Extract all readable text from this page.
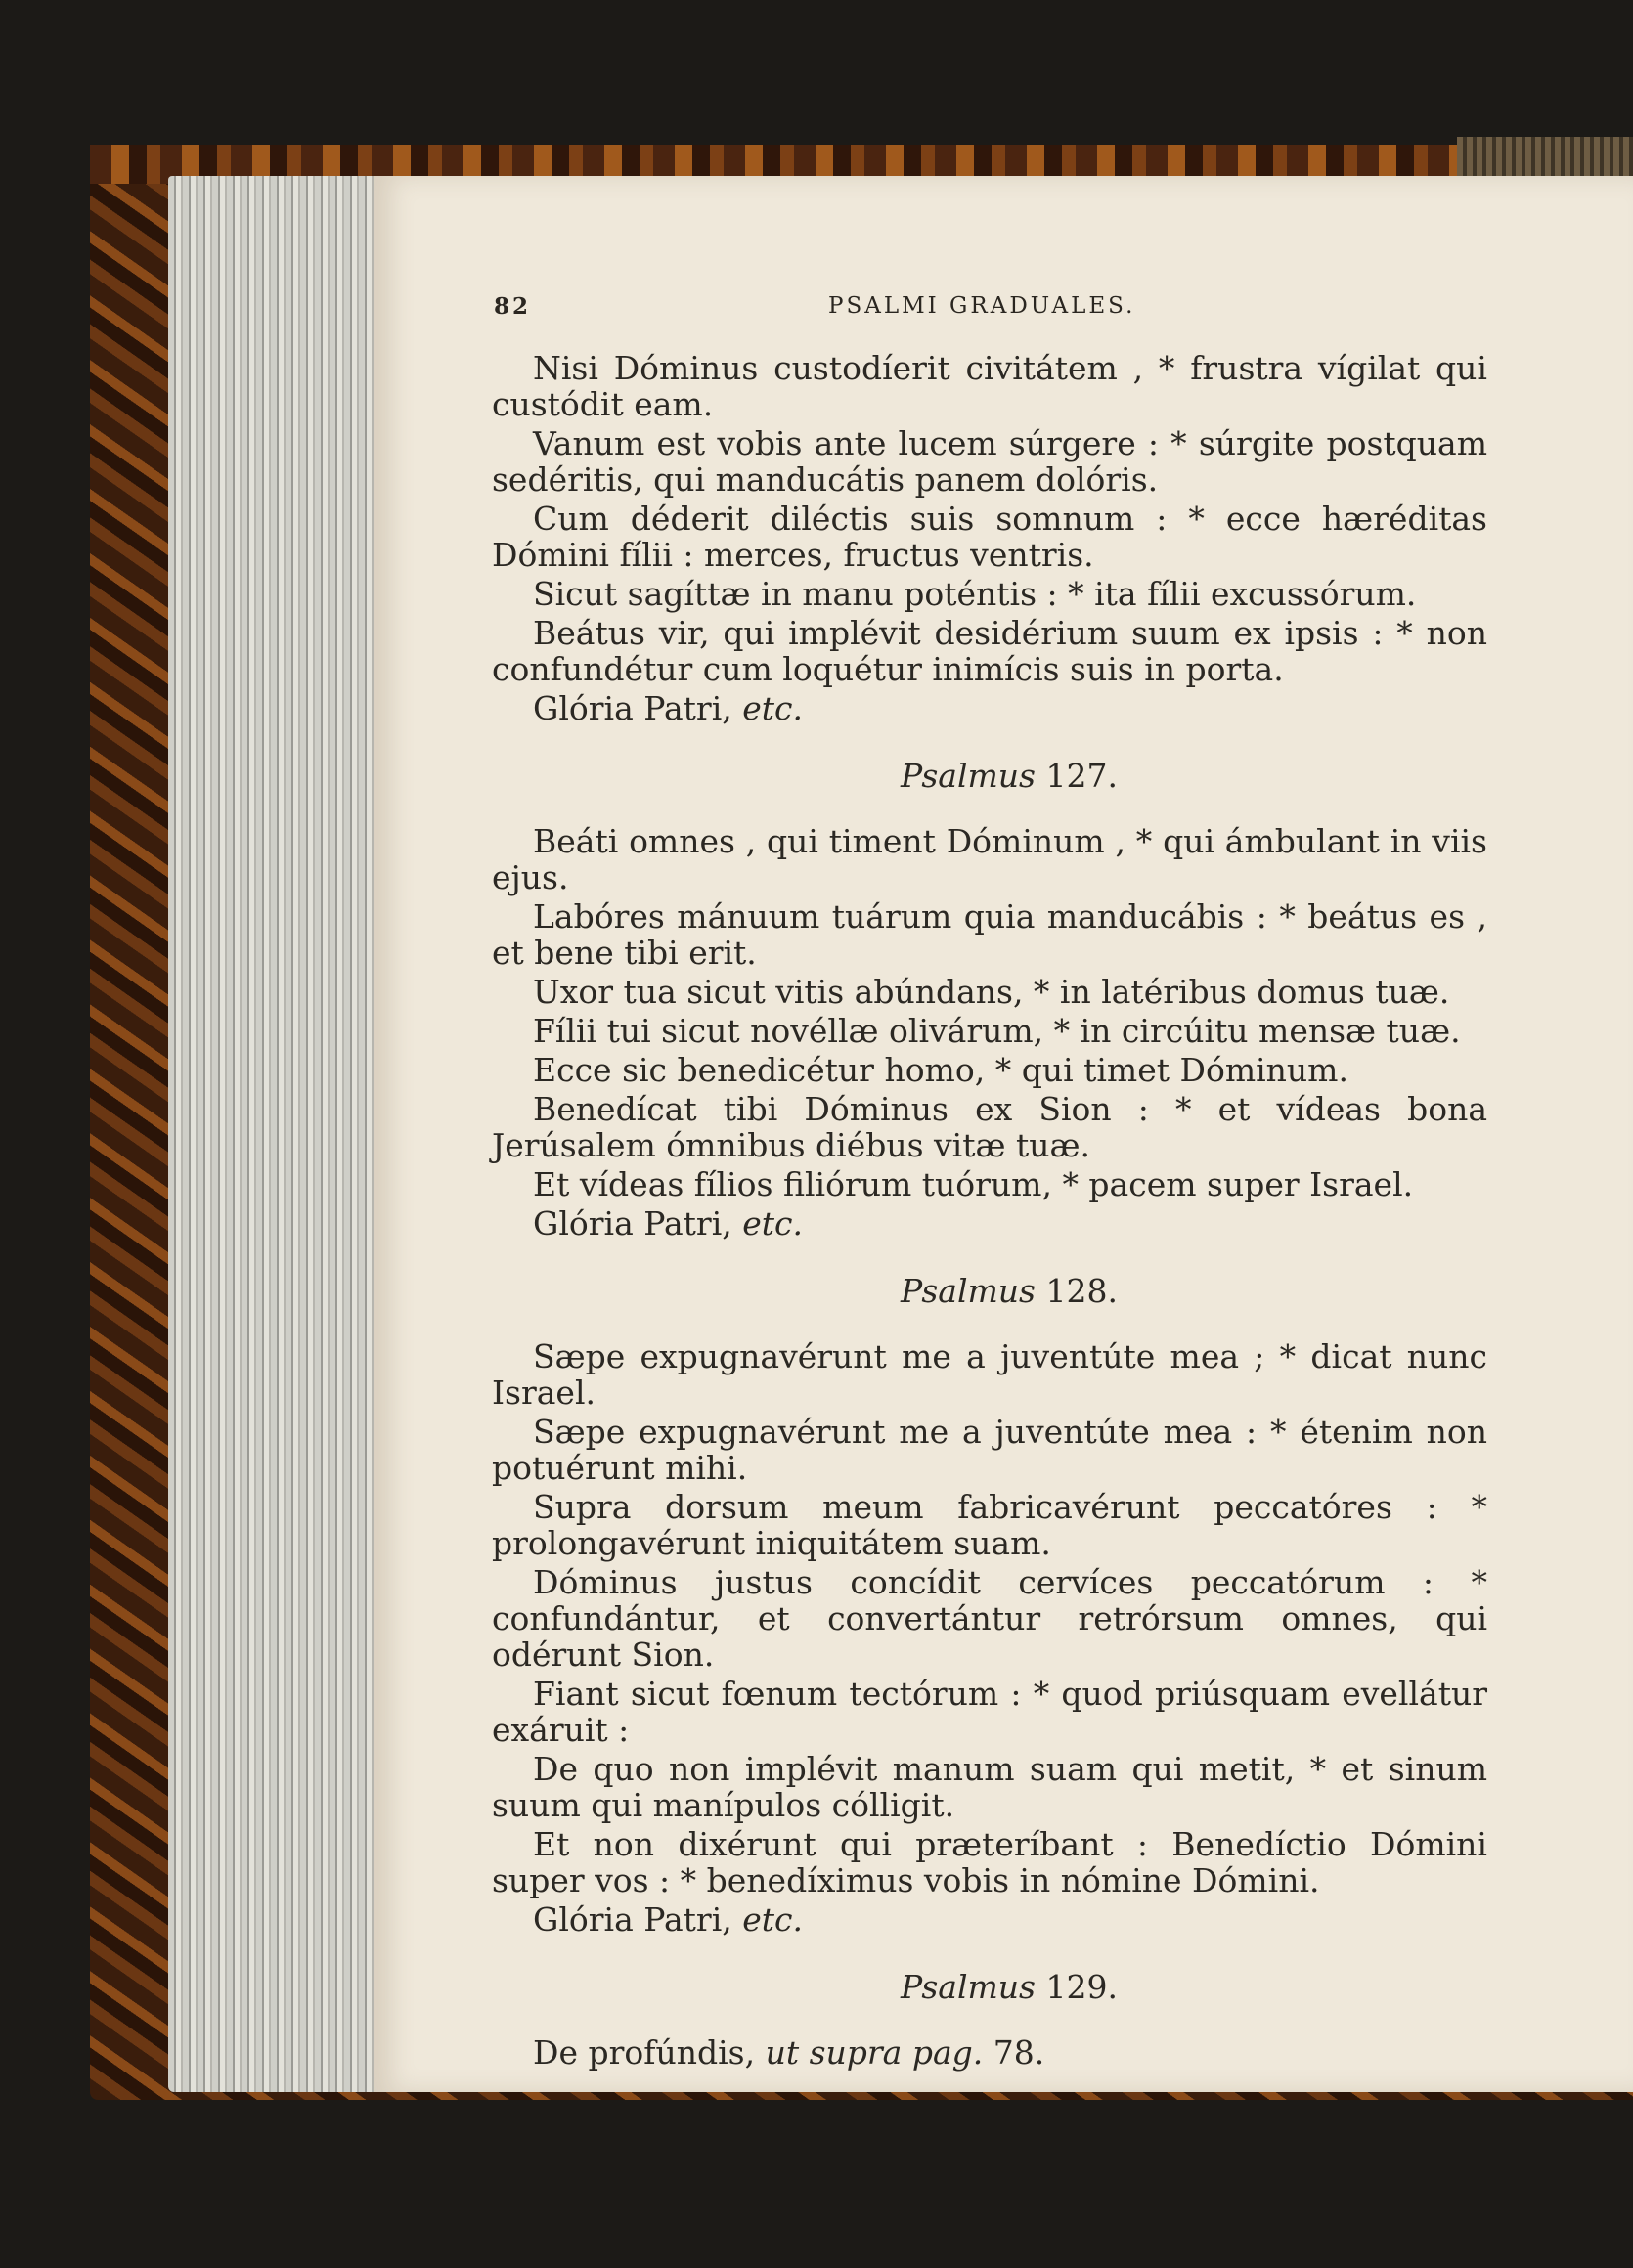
82	PSALMI GRADUALES.

Nisi Dóminus custodíerit civitátem , * frustra vígilat qui custódit eam.

Vanum est vobis ante lucem súrgere : * súrgite postquam sedéritis, qui manducátis panem dolóris.

Cum déderit diléctis suis somnum : * ecce hæréditas Dómini fílii : merces, fructus ventris.

Sicut sagíttæ in manu poténtis : * ita fílii excussórum.

Beátus vir, qui implévit desidérium suum ex ipsis : * non confundétur cum loquétur inimícis suis in porta.

Glória Patri, etc.

Psalmus 127.

Beáti omnes , qui timent Dóminum , * qui ámbulant in viis ejus.

Labóres mánuum tuárum quia manducábis : * beátus es , et bene tibi erit.

Uxor tua sicut vitis abúndans, * in latéribus domus tuæ.

Fílii tui sicut novéllæ olivárum, * in circúitu mensæ tuæ.

Ecce sic benedicétur homo, * qui timet Dóminum.

Benedícat tibi Dóminus ex Sion : * et vídeas bona Jerúsalem ómnibus diébus vitæ tuæ.

Et vídeas fílios filiórum tuórum, * pacem super Israel.

Glória Patri, etc.

Psalmus 128.

Sæpe expugnavérunt me a juventúte mea ; * dicat nunc Israel.

Sæpe expugnavérunt me a juventúte mea : * étenim non potuérunt mihi.

Supra dorsum meum fabricavérunt peccatóres : * prolongavérunt iniquitátem suam.

Dóminus justus concídit cervíces peccatórum : * confundántur, et convertántur retrórsum omnes, qui odérunt Sion.

Fiant sicut fœnum tectórum : * quod priúsquam evellátur exáruit :

De quo non implévit manum suam qui metit, * et sinum suum qui manípulos cólligit.

Et non dixérunt qui præteríbant : Benedíctio Dómini super vos : * benedíximus vobis in nómine Dómini.

Glória Patri, etc.

Psalmus 129.

De profúndis, ut supra pag. 78.
